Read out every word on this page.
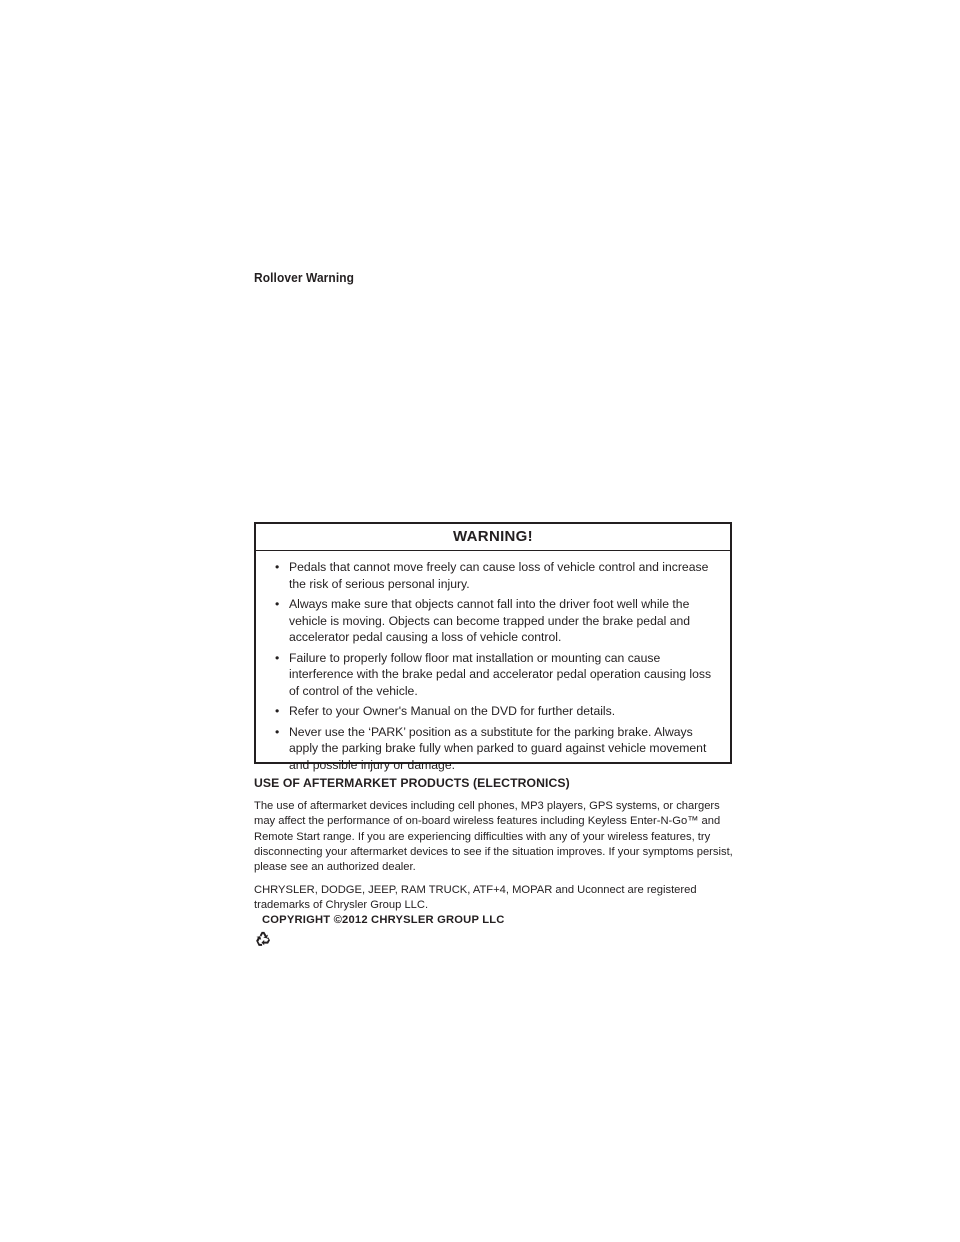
Rollover Warning
WARNING!
• Pedals that cannot move freely can cause loss of vehicle control and increase the risk of serious personal injury.
• Always make sure that objects cannot fall into the driver foot well while the vehicle is moving. Objects can become trapped under the brake pedal and accelerator pedal causing a loss of vehicle control.
• Failure to properly follow floor mat installation or mounting can cause interference with the brake pedal and accelerator pedal operation causing loss of control of the vehicle.
• Refer to your Owner's Manual on the DVD for further details.
• Never use the ‘PARK’ position as a substitute for the parking brake. Always apply the parking brake fully when parked to guard against vehicle movement and possible injury or damage.
USE OF AFTERMARKET PRODUCTS (ELECTRONICS)
The use of aftermarket devices including cell phones, MP3 players, GPS systems, or chargers may affect the performance of on-board wireless features including Keyless Enter-N-Go™ and Remote Start range. If you are experiencing difficulties with any of your wireless features, try disconnecting your aftermarket devices to see if the situation improves. If your symptoms persist, please see an authorized dealer.
CHRYSLER, DODGE, JEEP, RAM TRUCK, ATF+4, MOPAR and Uconnect are registered trademarks of Chrysler Group LLC.
COPYRIGHT ©2012 CHRYSLER GROUP LLC
